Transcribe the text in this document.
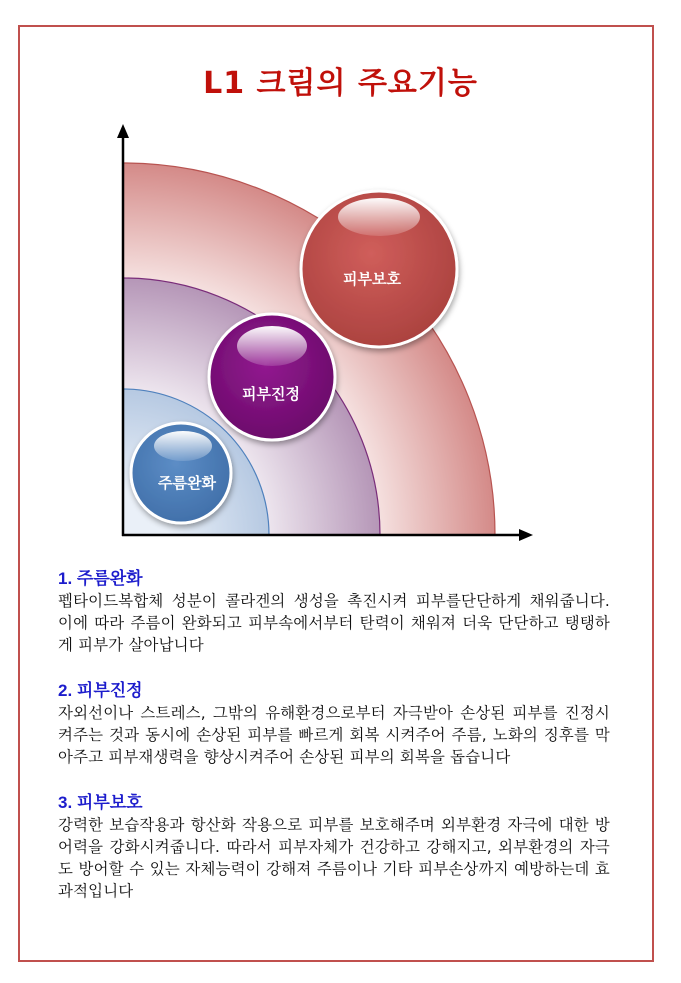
L1 크림의 주요기능
피부보호
피부진정
주름완화
1. 주름완화

펩타이드복합체 성분이 콜라겐의 생성을 촉진시켜 피부를단단하게 채워줍니다. 이에 따라 주름이 완화되고 피부속에서부터 탄력이 채워져 더욱 단단하고 탱탱하게 피부가 살아납니다

2. 피부진정

자외선이나 스트레스, 그밖의 유해환경으로부터 자극받아 손상된 피부를 진정시켜주는 것과 동시에 손상된 피부를 빠르게 회복 시켜주어 주름, 노화의 징후를 막아주고 피부재생력을 향상시켜주어 손상된 피부의 회복을 돕습니다

3. 피부보호

강력한 보습작용과 항산화 작용으로 피부를 보호해주며 외부환경 자극에 대한 방어력을 강화시켜줍니다. 따라서 피부자체가 건강하고 강해지고, 외부환경의 자극도 방어할 수 있는 자체능력이 강해져 주름이나 기타 피부손상까지 예방하는데 효과적입니다
